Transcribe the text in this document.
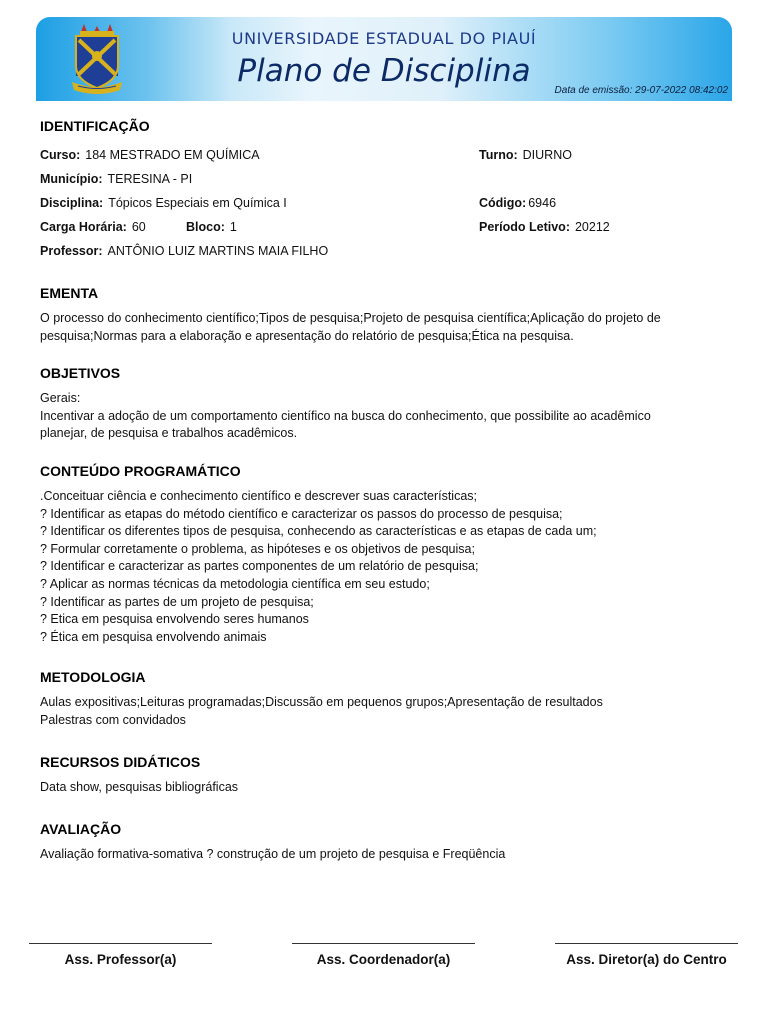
UNIVERSIDADE ESTADUAL DO PIAUÍ
Plano de Disciplina
Data de emissão: 29-07-2022 08:42:02
IDENTIFICAÇÃO
Curso: 184 MESTRADO EM QUÍMICA	Turno: DIURNO
Município: TERESINA - PI
Disciplina: Tópicos Especiais em Química I	Código: 6946
Carga Horária: 60	Bloco: 1	Período Letivo: 20212
Professor: ANTÔNIO LUIZ MARTINS MAIA FILHO
EMENTA
O processo do conhecimento científico;Tipos de pesquisa;Projeto de pesquisa científica;Aplicação do projeto de
pesquisa;Normas para a elaboração e apresentação do relatório de pesquisa;Ética na pesquisa.
OBJETIVOS
Gerais:
Incentivar a adoção de um comportamento científico na busca do conhecimento, que possibilite ao acadêmico
planejar, de pesquisa e trabalhos acadêmicos.
CONTEÚDO PROGRAMÁTICO
.Conceituar ciência e conhecimento científico e descrever suas características;
? Identificar as etapas do método científico e caracterizar os passos do processo de pesquisa;
? Identificar os diferentes tipos de pesquisa, conhecendo as características e as etapas de cada um;
? Formular corretamente o problema, as hipóteses e os objetivos de pesquisa;
? Identificar e caracterizar as partes componentes de um relatório de pesquisa;
? Aplicar as normas técnicas da metodologia científica em seu estudo;
? Identificar as partes de um projeto de pesquisa;
? Etica em pesquisa envolvendo seres humanos
? Ética em pesquisa envolvendo animais
METODOLOGIA
Aulas expositivas;Leituras programadas;Discussão em pequenos grupos;Apresentação de resultados
Palestras com convidados
RECURSOS DIDÁTICOS
Data show, pesquisas bibliográficas
AVALIAÇÃO
Avaliação formativa-somativa ? construção de um projeto de pesquisa e Freqüência
Ass. Professor(a)	Ass. Coordenador(a)	Ass. Diretor(a) do Centro
